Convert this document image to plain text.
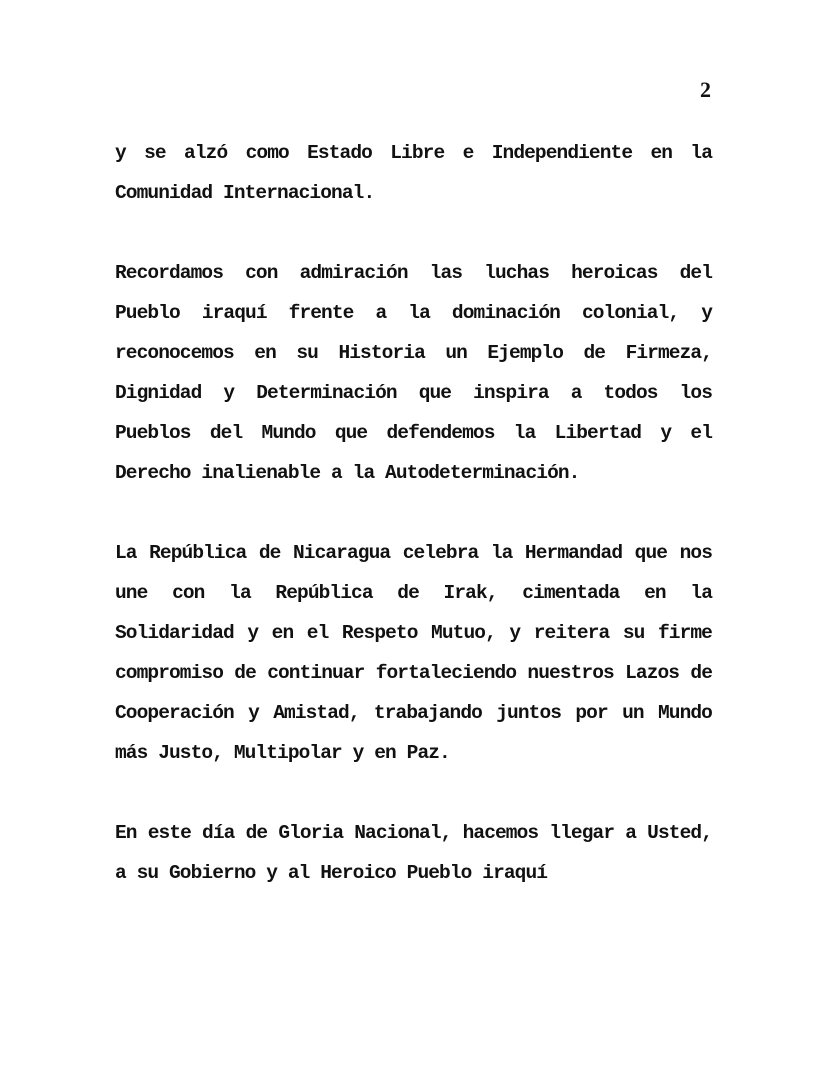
2

y se alzó como Estado Libre e Independiente en la Comunidad Internacional.

Recordamos con admiración las luchas heroicas del Pueblo iraquí frente a la dominación colonial, y reconocemos en su Historia un Ejemplo de Firmeza, Dignidad y Determinación que inspira a todos los Pueblos del Mundo que defendemos la Libertad y el Derecho inalienable a la Autodeterminación.

La República de Nicaragua celebra la Hermandad que nos une con la República de Irak, cimentada en la Solidaridad y en el Respeto Mutuo, y reitera su firme compromiso de continuar fortaleciendo nuestros Lazos de Cooperación y Amistad, trabajando juntos por un Mundo más Justo, Multipolar y en Paz.

En este día de Gloria Nacional, hacemos llegar a Usted, a su Gobierno y al Heroico Pueblo iraquí
